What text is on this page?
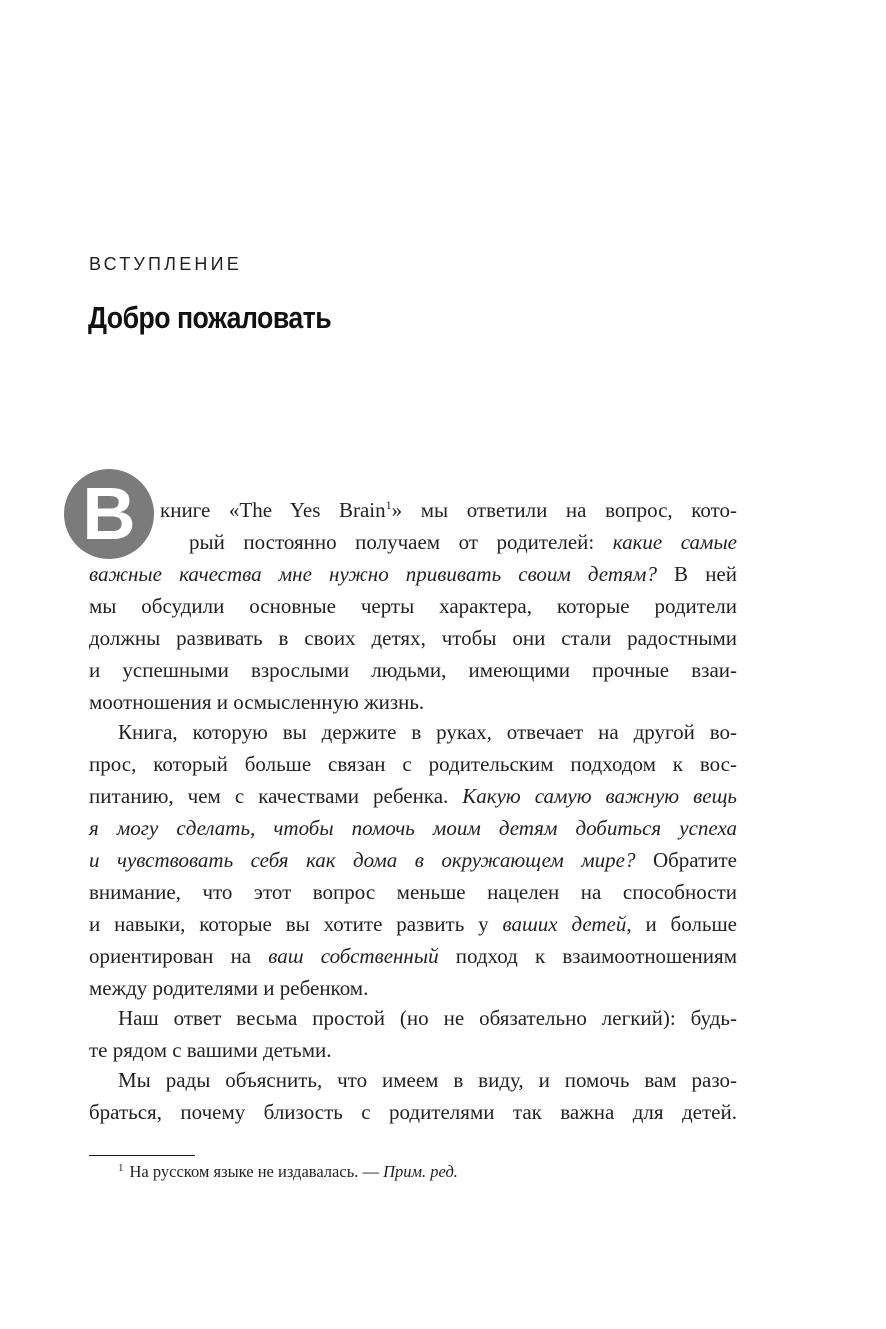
ВСТУПЛЕНИЕ
Добро пожаловать
В	книге «The Yes Brain$^1$» мы ответили на вопрос, кото-
рый постоянно получаем от родителей: какие самые
важные качества мне нужно прививать своим детям? В ней
мы обсудили основные черты характера, которые родители
должны развивать в своих детях, чтобы они стали радостными
и успешными взрослыми людьми, имеющими прочные взаи-
моотношения и осмысленную жизнь.
Книга, которую вы держите в руках, отвечает на другой во-
прос, который больше связан с родительским подходом к вос-
питанию, чем с качествами ребенка. Какую самую важную вещь
я могу сделать, чтобы помочь моим детям добиться успеха
и чувствовать себя как дома в окружающем мире? Обратите
внимание, что этот вопрос меньше нацелен на способности
и навыки, которые вы хотите развить у ваших детей, и больше
ориентирован на ваш собственный подход к взаимоотношениям
между родителями и ребенком.
Наш ответ весьма простой (но не обязательно легкий): будь-
те рядом с вашими детьми.
Мы рады объяснить, что имеем в виду, и помочь вам разо-
браться, почему близость с родителями так важна для детей.
$^1$ На русском языке не издавалась. — Прим. ред.
